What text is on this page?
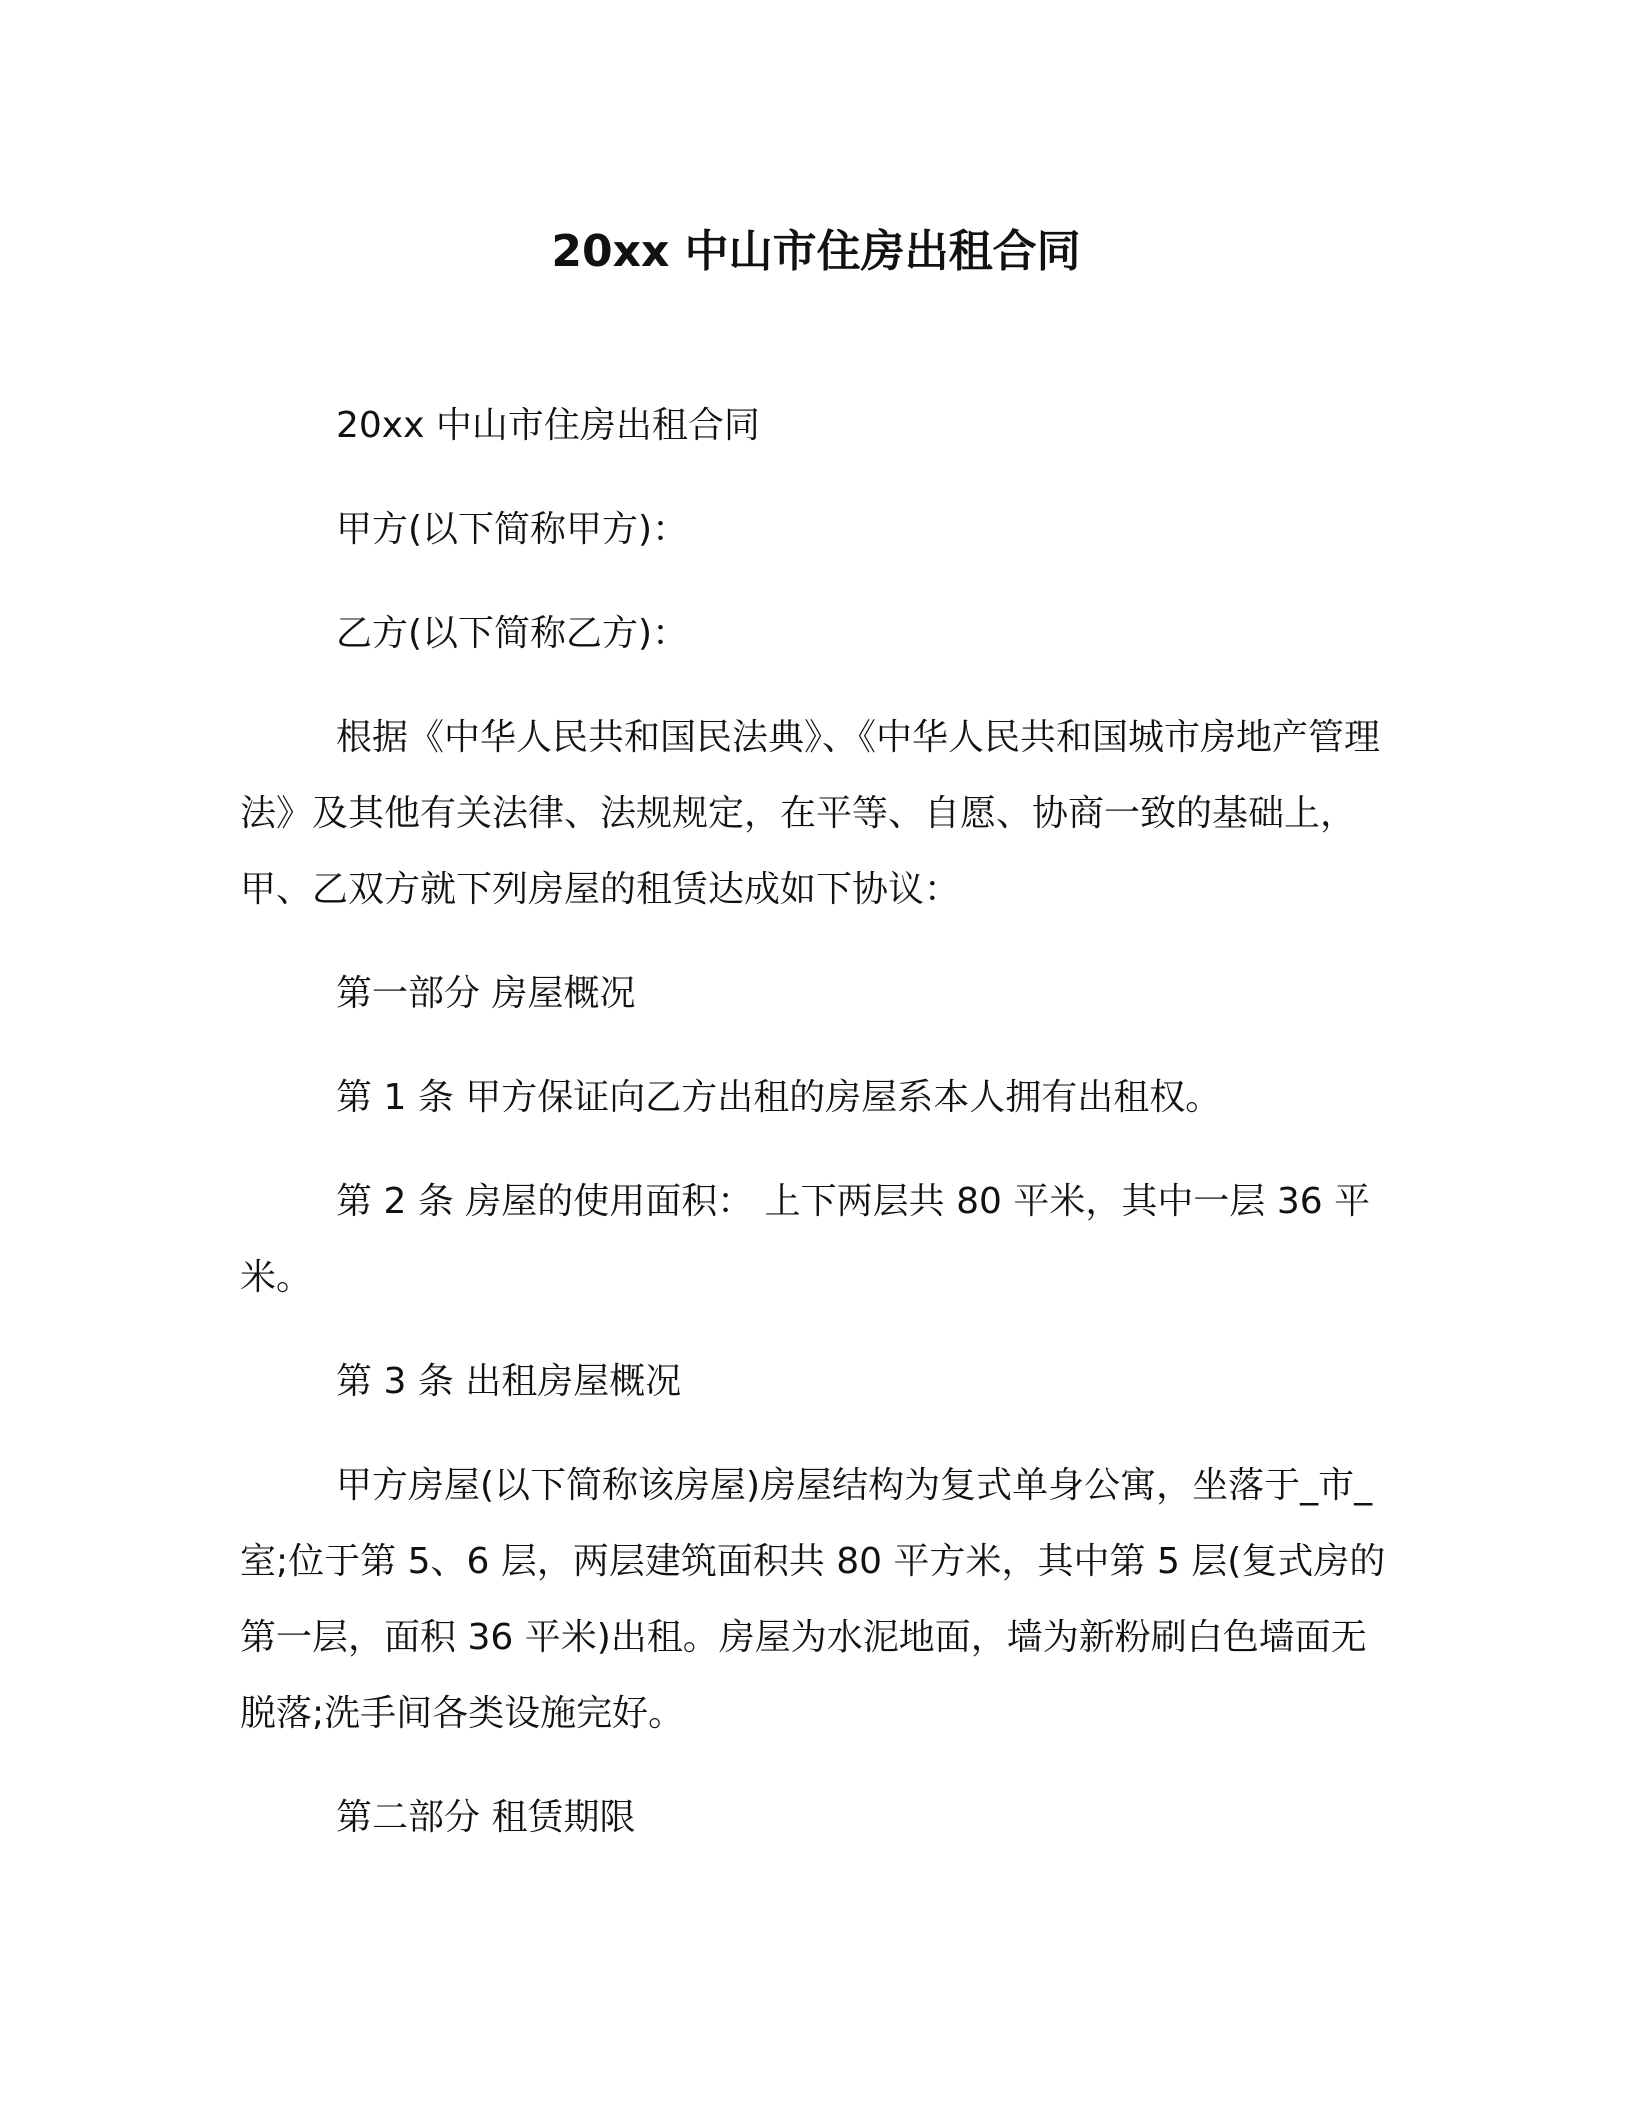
20xx 中山市住房出租合同

20xx 中山市住房出租合同

甲方(以下简称甲方)：

乙方(以下简称乙方)：

根据《中华人民共和国民法典》、《中华人民共和国城市房地产管理法》及其他有关法律、法规规定，在平等、自愿、协商一致的基础上，甲、乙双方就下列房屋的租赁达成如下协议：

第一部分 房屋概况

第 1 条 甲方保证向乙方出租的房屋系本人拥有出租权。

第 2 条 房屋的使用面积： 上下两层共 80 平米，其中一层 36 平米。

第 3 条 出租房屋概况

甲方房屋(以下简称该房屋)房屋结构为复式单身公寓，坐落于_市_室;位于第 5、6 层，两层建筑面积共 80 平方米，其中第 5 层(复式房的第一层，面积 36 平米)出租。房屋为水泥地面，墙为新粉刷白色墙面无脱落;洗手间各类设施完好。

第二部分 租赁期限
